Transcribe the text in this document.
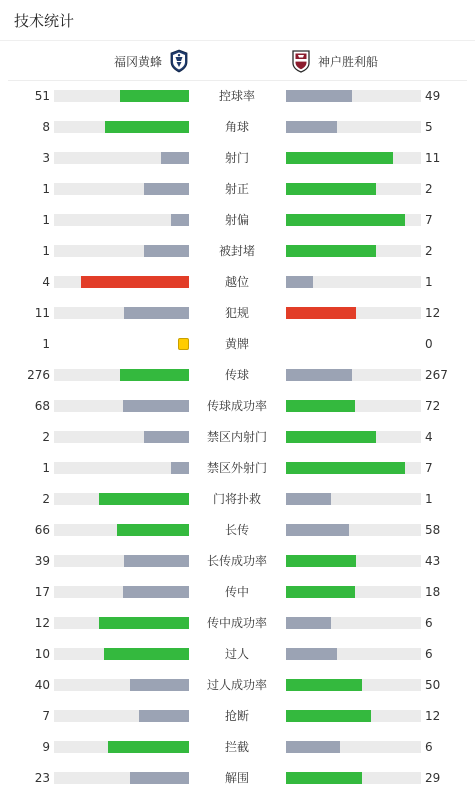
技术统计
福冈黄蜂	神户胜利船
51	控球率	49
8	角球	5
3	射门	11
1	射正	2
1	射偏	7
1	被封堵	2
4	越位	1
11	犯规	12
1	黄牌	0
276	传球	267
68	传球成功率	72
2	禁区内射门	4
1	禁区外射门	7
2	门将扑救	1
66	长传	58
39	长传成功率	43
17	传中	18
12	传中成功率	6
10	过人	6
40	过人成功率	50
7	抢断	12
9	拦截	6
23	解围	29
